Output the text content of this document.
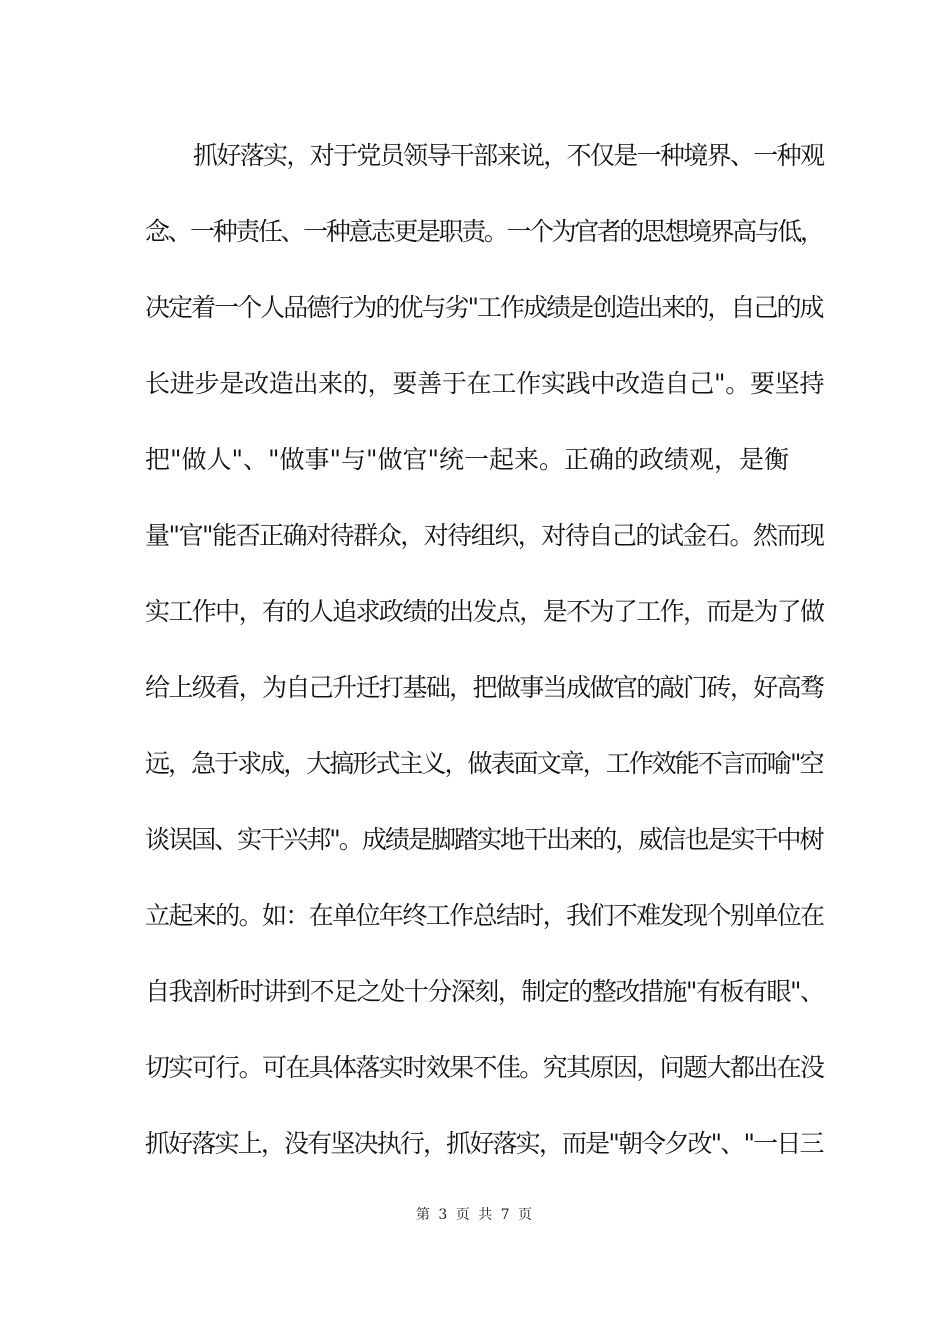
抓好落实，对于党员领导干部来说，不仅是一种境界、一种观
念、一种责任、一种意志更是职责。一个为官者的思想境界高与低，
决定着一个人品德行为的优与劣"工作成绩是创造出来的，自己的成
长进步是改造出来的，要善于在工作实践中改造自己"。要坚持
把"做人"、"做事"与"做官"统一起来。正确的政绩观，是衡
量"官"能否正确对待群众，对待组织，对待自己的试金石。然而现
实工作中，有的人追求政绩的出发点，是不为了工作，而是为了做
给上级看，为自己升迁打基础，把做事当成做官的敲门砖，好高骛
远，急于求成，大搞形式主义，做表面文章，工作效能不言而喻"空
谈误国、实干兴邦"。成绩是脚踏实地干出来的，威信也是实干中树
立起来的。如：在单位年终工作总结时，我们不难发现个别单位在
自我剖析时讲到不足之处十分深刻，制定的整改措施"有板有眼"、
切实可行。可在具体落实时效果不佳。究其原因，问题大都出在没
抓好落实上，没有坚决执行，抓好落实，而是"朝令夕改"、"一日三
第 3 页 共 7 页
